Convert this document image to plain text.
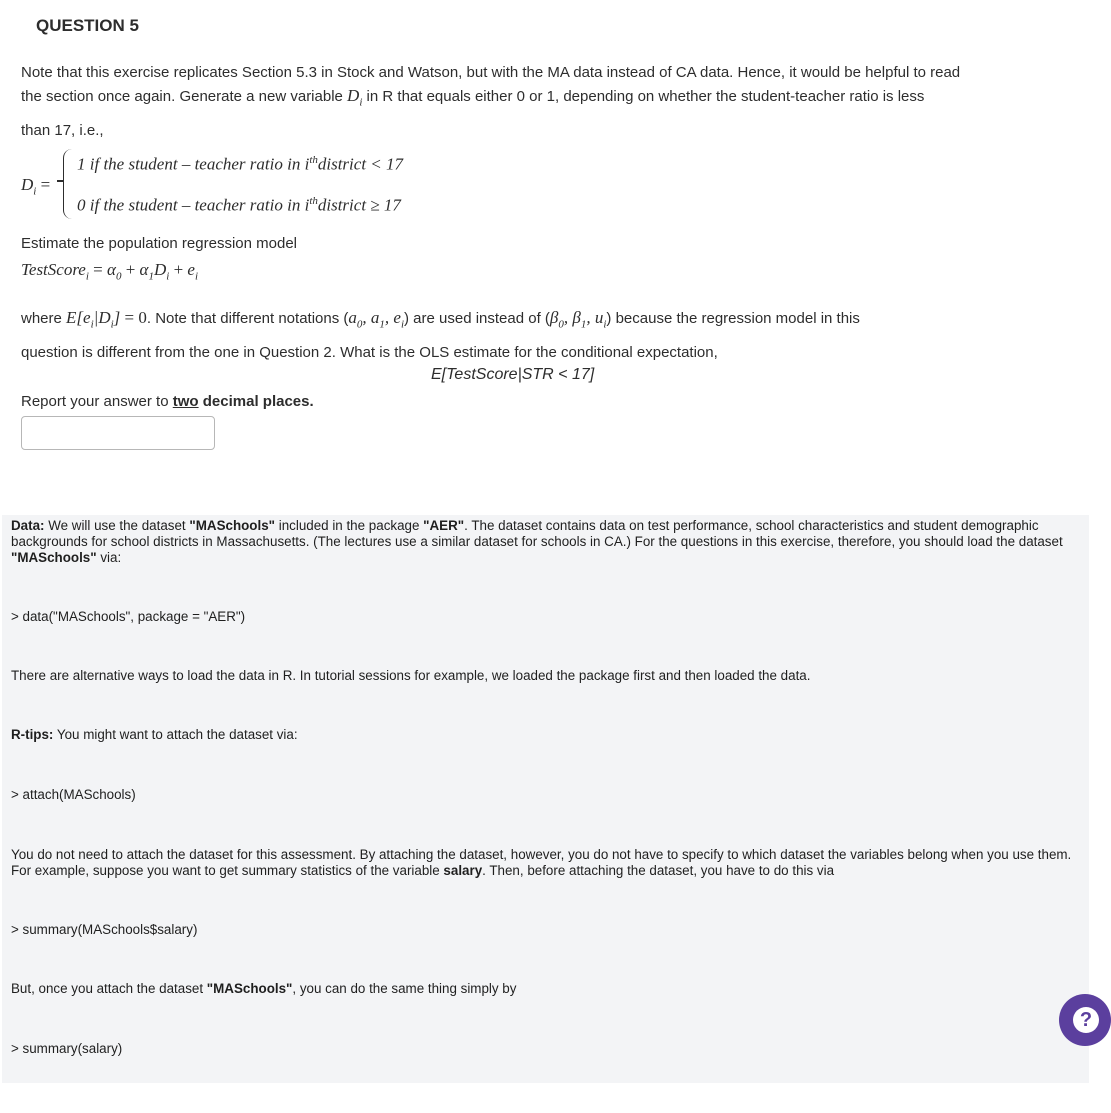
QUESTION 5
Note that this exercise replicates Section 5.3 in Stock and Watson, but with the MA data instead of CA data. Hence, it would be helpful to read
the section once again. Generate a new variable $D_i$ in R that equals either 0 or 1, depending on whether the student-teacher ratio is less
than 17, i.e.,
$D_i$ =
1 if the student – teacher ratio in $i^{th}district < 17$
0 if the student – teacher ratio in $i^{th}district \ge 17$
Estimate the population regression model
TestScore$_i$ = $\alpha_0 + \alpha_1D_i + e_i$
where $E[e_i|D_i] = 0$. Note that different notations ($a_0$, $a_1$, $e_i$) are used instead of ($\beta_0$, $\beta_1$, $u_i$) because the regression model in this
question is different from the one in Question 2. What is the OLS estimate for the conditional expectation,
E[TestScore|STR < 17]
Report your answer to two decimal places.
Data: We will use the dataset "MASchools" included in the package "AER". The dataset contains data on test performance, school characteristics and student demographic backgrounds for school districts in Massachusetts. (The lectures use a similar dataset for schools in CA.) For the questions in this exercise, therefore, you should load the dataset "MASchools" via:
> data("MASchools", package = "AER")
There are alternative ways to load the data in R. In tutorial sessions for example, we loaded the package first and then loaded the data.
R-tips: You might want to attach the dataset via:
> attach(MASchools)
You do not need to attach the dataset for this assessment. By attaching the dataset, however, you do not have to specify to which dataset the variables belong when you use them. For example, suppose you want to get summary statistics of the variable salary. Then, before attaching the dataset, you have to do this via
> summary(MASchools$salary)
But, once you attach the dataset "MASchools", you can do the same thing simply by
> summary(salary)
?
